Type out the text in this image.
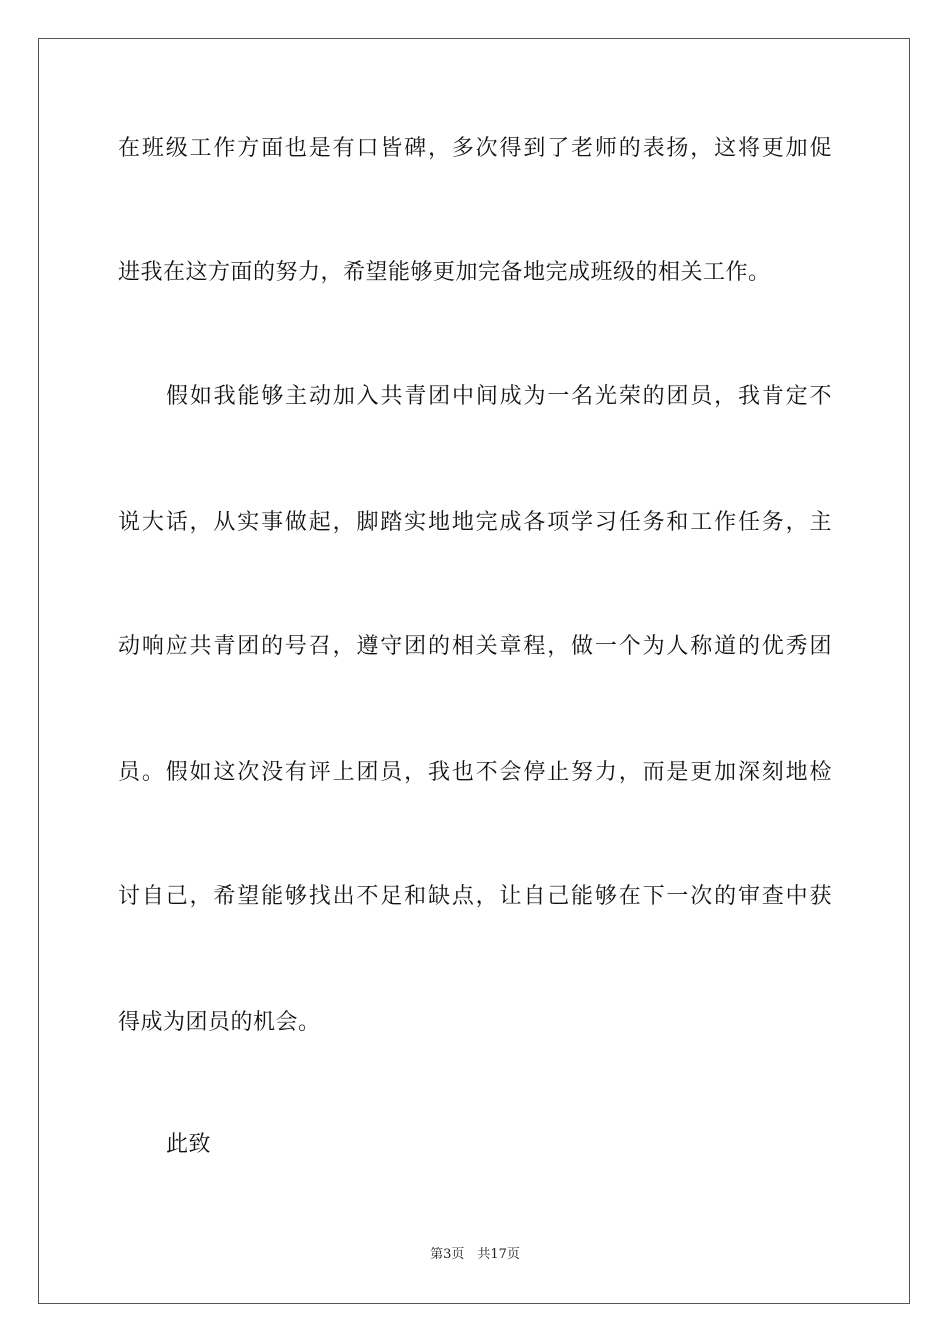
在班级工作方面也是有口皆碑，多次得到了老师的表扬，这将更加促
进我在这方面的努力，希望能够更加完备地完成班级的相关工作。
假如我能够主动加入共青团中间成为一名光荣的团员，我肯定不
说大话，从实事做起，脚踏实地地完成各项学习任务和工作任务，主
动响应共青团的号召，遵守团的相关章程，做一个为人称道的优秀团
员。假如这次没有评上团员，我也不会停止努力，而是更加深刻地检
讨自己，希望能够找出不足和缺点，让自己能够在下一次的审查中获
得成为团员的机会。
此致
第3页　共17页
